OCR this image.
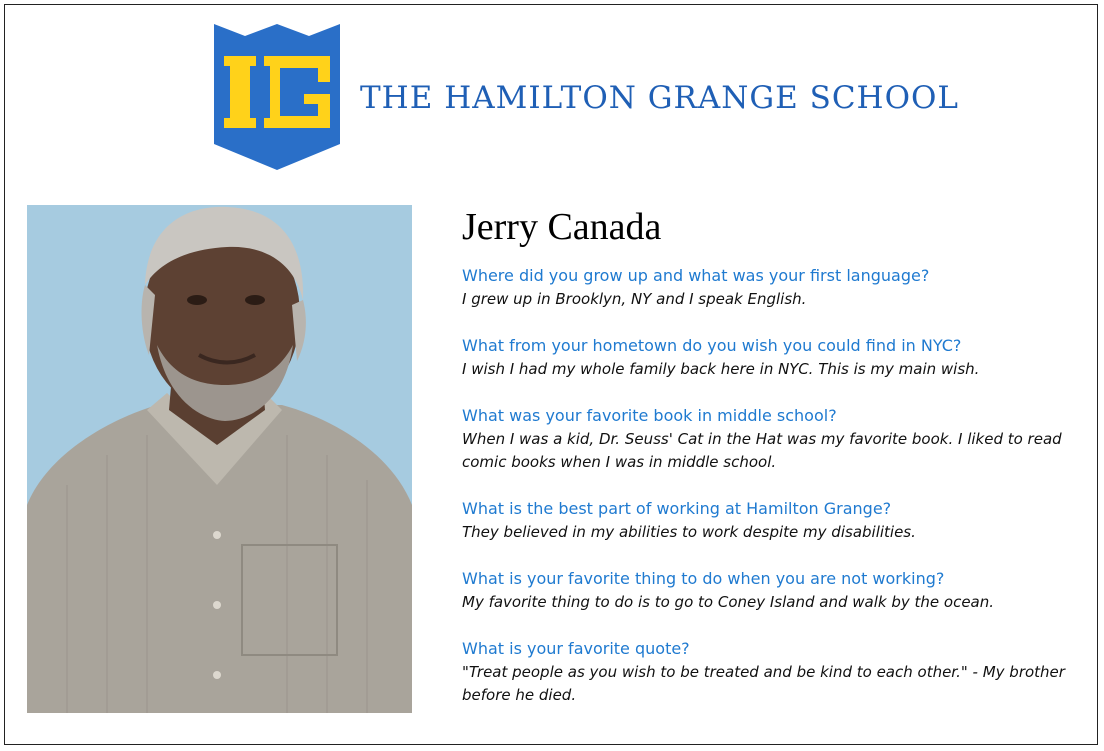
THE HAMILTON GRANGE SCHOOL
Jerry Canada
Where did you grow up and what was your first language?
I grew up in Brooklyn, NY and I speak English.
What from your hometown do you wish you could find in NYC?
I wish I had my whole family back here in NYC. This is my main wish.
What was your favorite book in middle school?
When I was a kid, Dr. Seuss' Cat in the Hat was my favorite book. I liked to read comic books when I was in middle school.
What is the best part of working at Hamilton Grange?
They believed in my abilities to work despite my disabilities.
What is your favorite thing to do when you are not working?
My favorite thing to do is to go to Coney Island and walk by the ocean.
What is your favorite quote?
"Treat people as you wish to be treated and be kind to each other." - My brother before he died.
